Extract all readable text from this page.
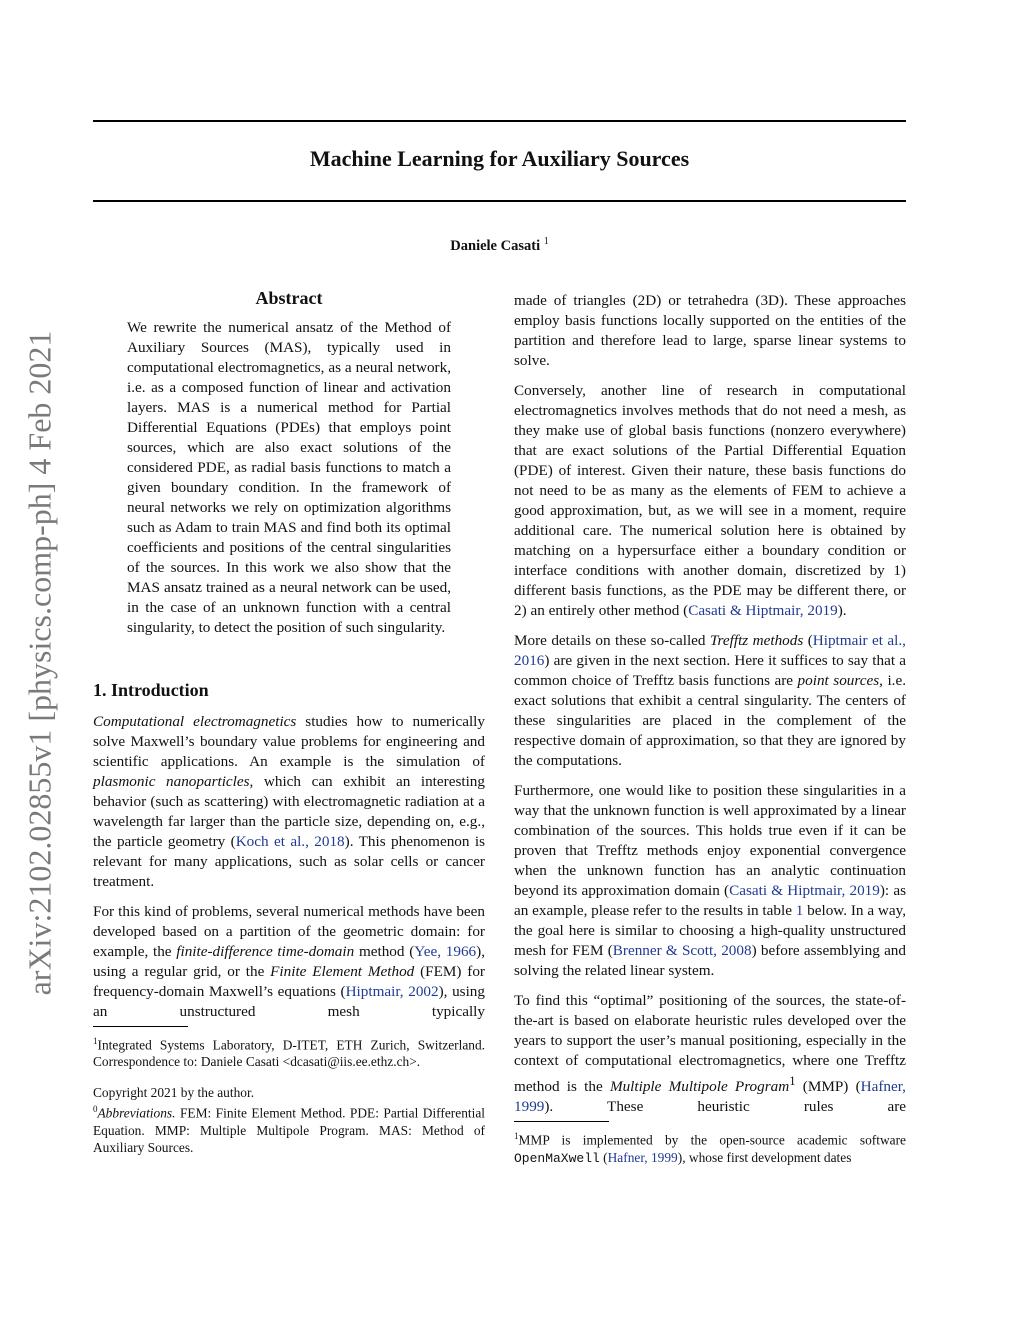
arXiv:2102.02855v1 [physics.comp-ph] 4 Feb 2021
Machine Learning for Auxiliary Sources
Daniele Casati $^1$
Abstract

We rewrite the numerical ansatz of the Method of Auxiliary Sources (MAS), typically used in computational electromagnetics, as a neural network, i.e. as a composed function of linear and activation layers. MAS is a numerical method for Partial Differential Equations (PDEs) that employs point sources, which are also exact solutions of the considered PDE, as radial basis functions to match a given boundary condition. In the framework of neural networks we rely on optimization algorithms such as Adam to train MAS and find both its optimal coefficients and positions of the central singularities of the sources. In this work we also show that the MAS ansatz trained as a neural network can be used, in the case of an unknown function with a central singularity, to detect the position of such singularity.

1. Introduction

Computational electromagnetics studies how to numerically solve Maxwell’s boundary value problems for engineering and scientific applications. An example is the simulation of plasmonic nanoparticles, which can exhibit an interesting behavior (such as scattering) with electromagnetic radiation at a wavelength far larger than the particle size, depending on, e.g., the particle geometry (Koch et al., 2018). This phenomenon is relevant for many applications, such as solar cells or cancer treatment.

For this kind of problems, several numerical methods have been developed based on a partition of the geometric domain: for example, the finite-difference time-domain method (Yee, 1966), using a regular grid, or the Finite Element Method (FEM) for frequency-domain Maxwell’s equations (Hiptmair, 2002), using an unstructured mesh typically

$^1$Integrated Systems Laboratory, D-ITET, ETH Zurich, Switzerland. Correspondence to: Daniele Casati <dcasati@iis.ee.ethz.ch>.

Copyright 2021 by the author.

$^0$Abbreviations. FEM: Finite Element Method. PDE: Partial Differential Equation. MMP: Multiple Multipole Program. MAS: Method of Auxiliary Sources.

made of triangles (2D) or tetrahedra (3D). These approaches employ basis functions locally supported on the entities of the partition and therefore lead to large, sparse linear systems to solve.

Conversely, another line of research in computational electromagnetics involves methods that do not need a mesh, as they make use of global basis functions (nonzero everywhere) that are exact solutions of the Partial Differential Equation (PDE) of interest. Given their nature, these basis functions do not need to be as many as the elements of FEM to achieve a good approximation, but, as we will see in a moment, require additional care. The numerical solution here is obtained by matching on a hypersurface either a boundary condition or interface conditions with another domain, discretized by 1) different basis functions, as the PDE may be different there, or 2) an entirely other method (Casati & Hiptmair, 2019).

More details on these so-called Trefftz methods (Hiptmair et al., 2016) are given in the next section. Here it suffices to say that a common choice of Trefftz basis functions are point sources, i.e. exact solutions that exhibit a central singularity. The centers of these singularities are placed in the complement of the respective domain of approximation, so that they are ignored by the computations.

Furthermore, one would like to position these singularities in a way that the unknown function is well approximated by a linear combination of the sources. This holds true even if it can be proven that Trefftz methods enjoy exponential convergence when the unknown function has an analytic continuation beyond its approximation domain (Casati & Hiptmair, 2019): as an example, please refer to the results in table 1 below. In a way, the goal here is similar to choosing a high-quality unstructured mesh for FEM (Brenner & Scott, 2008) before assemblying and solving the related linear system.

To find this “optimal” positioning of the sources, the state-of-the-art is based on elaborate heuristic rules developed over the years to support the user’s manual positioning, especially in the context of computational electromagnetics, where one Trefftz method is the Multiple Multipole Program$^1$ (MMP) (Hafner, 1999). These heuristic rules are

$^1$MMP is implemented by the open-source academic software OpenMaXwell (Hafner, 1999), whose first development dates
